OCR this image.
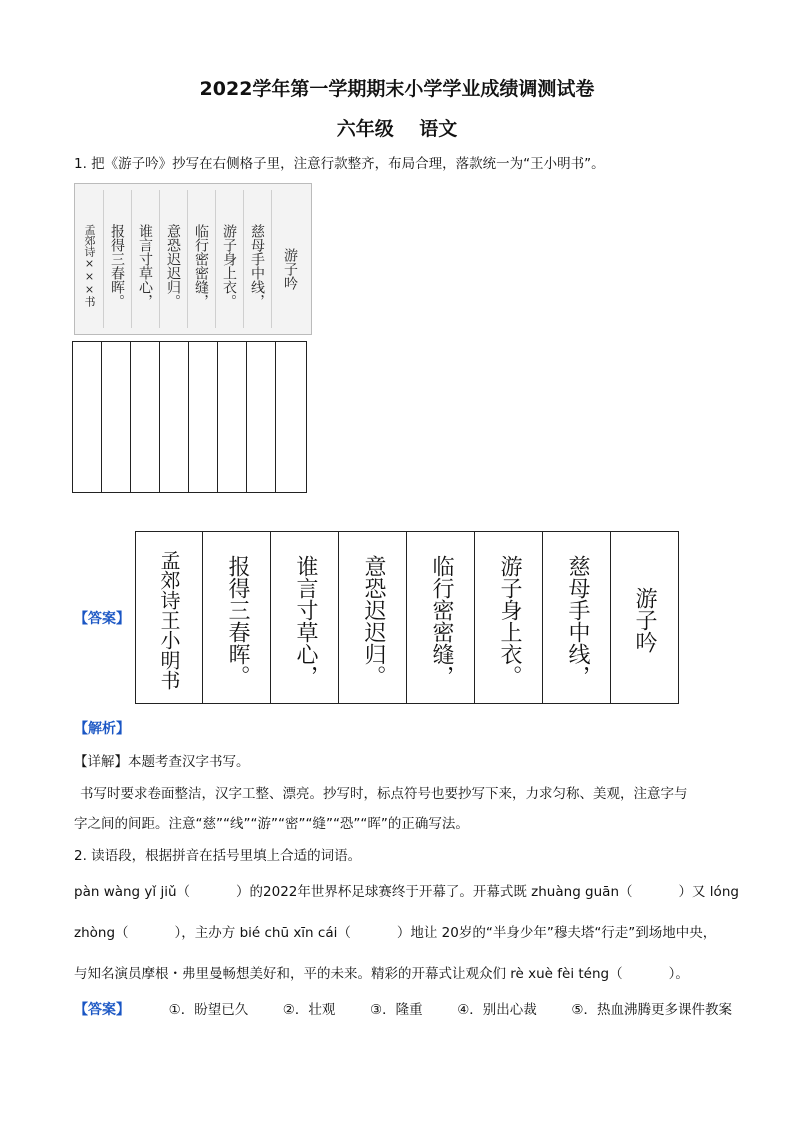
2022学年第一学期期末小学学业成绩调测试卷
六年级　 语文
1. 把《游子吟》抄写在右侧格子里，注意行款整齐，布局合理，落款统一为“王小明书”。
孟郊诗×××书 报得三春晖。 谁言寸草心， 意恐迟迟归。 临行密密缝， 游子身上衣。 慈母手中线，	游子吟
【答案】	孟郊诗王小明书	报得三春晖。	谁言寸草心，	意恐迟迟归。	临行密密缝，	游子身上衣。	慈母手中线，	游子吟
【解析】
【详解】本题考查汉字书写。
书写时要求卷面整洁，汉字工整、漂亮。抄写时，标点符号也要抄写下来，力求匀称、美观，注意字与
字之间的间距。注意“慈”“线”“游”“密”“缝”“恐”“晖”的正确写法。
2. 读语段，根据拼音在括号里填上合适的词语。
pàn wàng yǐ jiǔ（	）的2022年世界杯足球赛终于开幕了。开幕式既 zhuàng guān（	）又 lóng
zhòng（	），主办方 bié chū xīn cái（	）地让 20岁的“半身少年”穆夫塔“行走”到场地中央，
与知名演员摩根・弗里曼畅想美好和，平的未来。精彩的开幕式让观众们 rè xuè fèi téng（	）。
【答案】	①．盼望已久	②．壮观	③．隆重	④．别出心裁	⑤．热血沸腾更多课件教案
